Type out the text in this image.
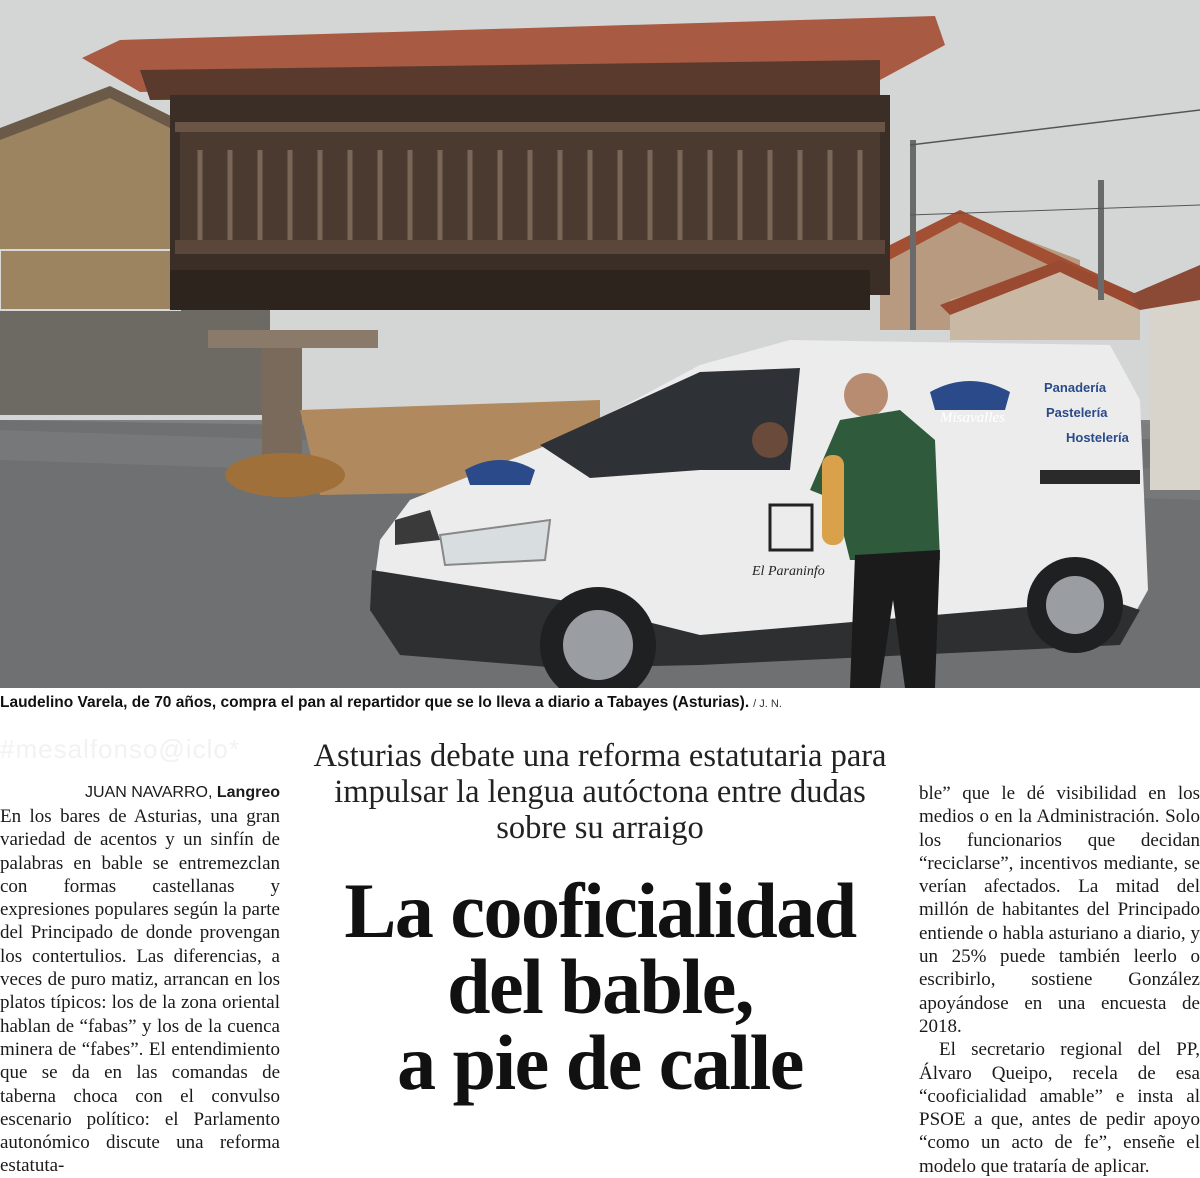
Misavalles
Panadería
Pastelería
Hostelería
El Paraninfo
Laudelino Varela, de 70 años, compra el pan al repartidor que se lo lleva a diario a Tabayes (Asturias). / J. N.
#mesalfonso@iclo*
JUAN NAVARRO, Langreo
En los bares de Asturias, una gran variedad de acentos y un sinfín de palabras en bable se entremezclan con formas castellanas y expresiones populares según la parte del Principado de donde provengan los contertulios. Las diferencias, a veces de puro matiz, arrancan en los platos típicos: los de la zona oriental hablan de “fabas” y los de la cuenca minera de “fabes”. El entendimiento que se da en las comandas de taberna choca con el convulso escenario político: el Parlamento autonómico discute una reforma estatuta-
Asturias debate una reforma estatutaria para impulsar la lengua autóctona entre dudas sobre su arraigo
La cooficialidad
del bable,
a pie de calle

ble” que le dé visibilidad en los medios o en la Administración. Solo los funcionarios que decidan “reciclarse”, incentivos mediante, se verían afectados. La mitad del millón de habitantes del Principado entiende o habla asturiano a diario, y un 25% puede también leerlo o escribirlo, sostiene González apoyándose en una encuesta de 2018.

El secretario regional del PP, Álvaro Queipo, recela de esa “cooficialidad amable” e insta al PSOE a que, antes de pedir apoyo “como un acto de fe”, enseñe el modelo que trataría de aplicar.
